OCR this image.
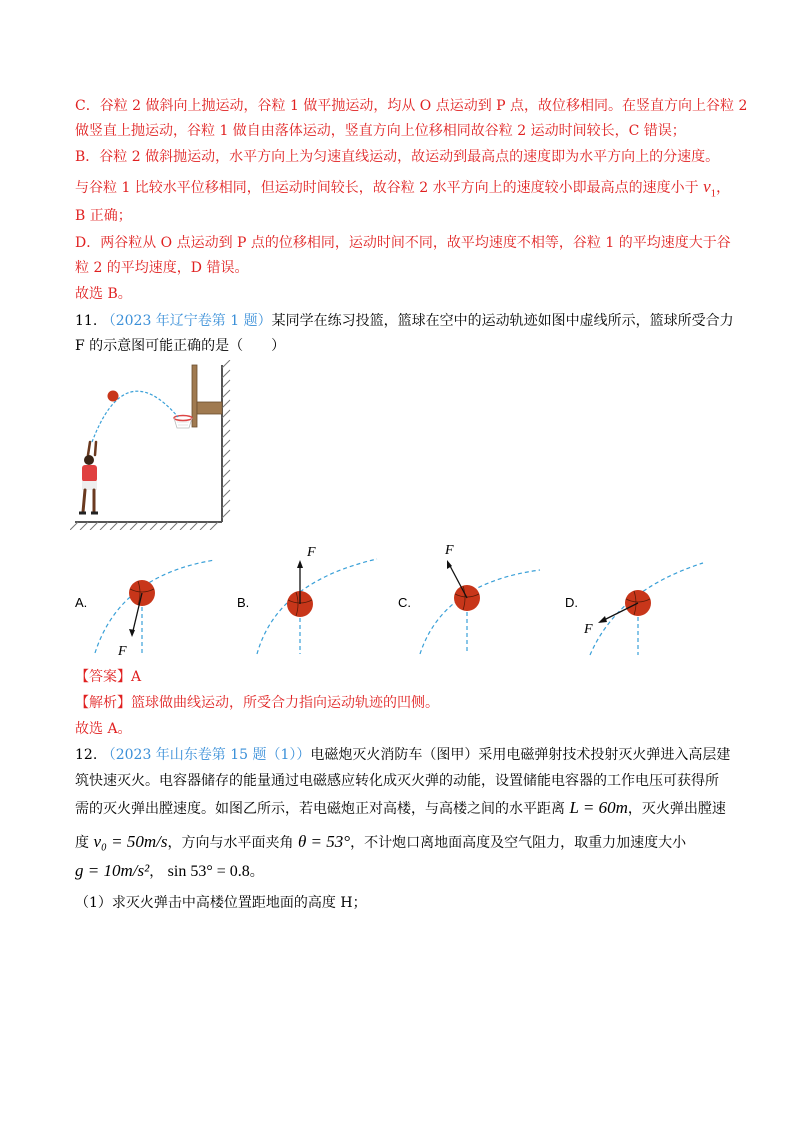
C．谷粒 2 做斜向上抛运动，谷粒 1 做平抛运动，均从 O 点运动到 P 点，故位移相同。在竖直方向上谷粒 2
做竖直上抛运动，谷粒 1 做自由落体运动，竖直方向上位移相同故谷粒 2 运动时间较长，C 错误；
B．谷粒 2 做斜抛运动，水平方向上为匀速直线运动，故运动到最高点的速度即为水平方向上的分速度。
与谷粒 1 比较水平位移相同，但运动时间较长，故谷粒 2 水平方向上的速度较小即最高点的速度小于 $v_1$，
B 正确；
D．两谷粒从 O 点运动到 P 点的位移相同，运动时间不同，故平均速度不相等，谷粒 1 的平均速度大于谷
粒 2 的平均速度，D 错误。
故选 B。
11. （2023 年辽宁卷第 1 题）某同学在练习投篮，篮球在空中的运动轨迹如图中虚线所示，篮球所受合力
F 的示意图可能正确的是（　　）
A.
F
B.
F
C.
F
D.
F
【答案】A
【解析】篮球做曲线运动，所受合力指向运动轨迹的凹侧。
故选 A。
12. （2023 年山东卷第 15 题（1））电磁炮灭火消防车（图甲）采用电磁弹射技术投射灭火弹进入高层建
筑快速灭火。电容器储存的能量通过电磁感应转化成灭火弹的动能，设置储能电容器的工作电压可获得所
需的灭火弹出膛速度。如图乙所示，若电磁炮正对高楼，与高楼之间的水平距离 L = 60m，灭火弹出膛速
度 v₀ = 50m/s，方向与水平面夹角 θ = 53°，不计炮口离地面高度及空气阻力，取重力加速度大小
g = 10m/s²， sin 53° = 0.8。
（1）求灭火弹击中高楼位置距地面的高度 H；
